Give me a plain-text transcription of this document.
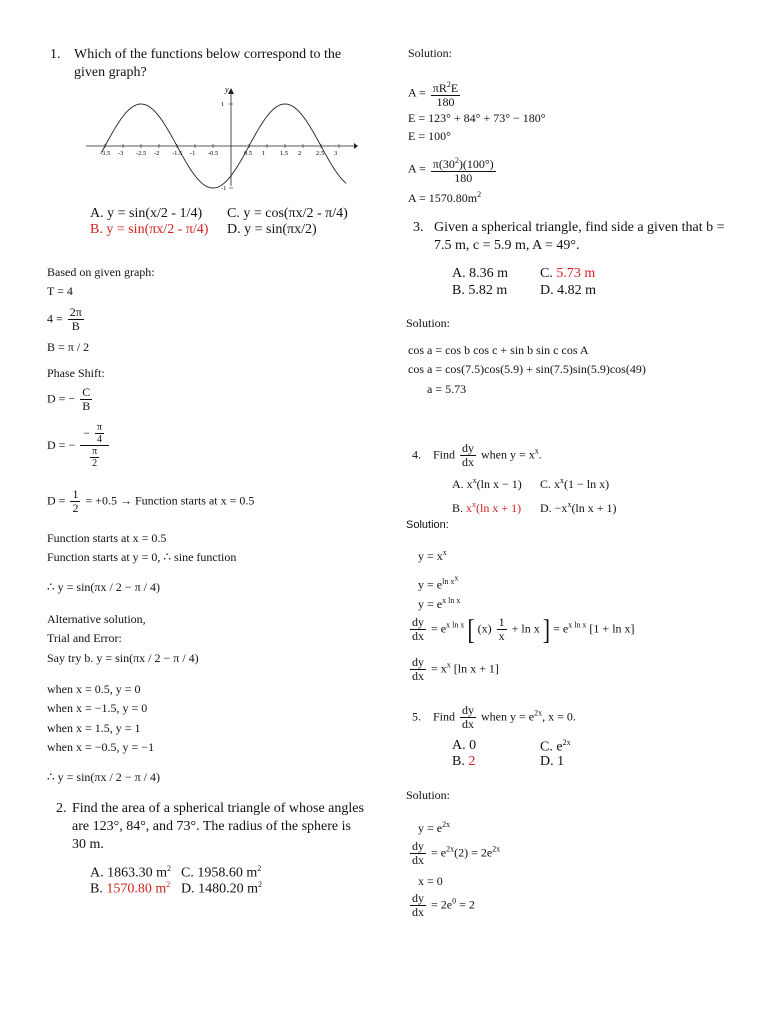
1. Which of the functions below correspond to the given graph?
y
-3.5 -3 -2.5 -2 -1.5 -1 -0.5	0.5 1 1.5 2 2.5 3
1
-1
A. y = sin(x/2 - 1/4) C. y = cos(πx/2 - π/4)
B. y = sin(πx/2 - π/4) D. y = sin(πx/2)
Based on given graph:
T = 4
$4 = \frac{2\pi}{B}$
B = π / 2
Phase Shift:
D = − $\frac{C}{B}$
D = − $\frac{- \frac{\pi}{4}}{\frac{\pi}{2}}$
$D = \frac{1}{2} = +0.5$ → Function starts at x = 0.5
Function starts at x = 0.5
Function starts at y = 0, ∴ sine function
∴ y = sin(πx / 2 − π / 4)
Alternative solution,
Trial and Error:
Say try b. y = sin(πx / 2 − π / 4)
when x = 0.5, y = 0
when x = −1.5, y = 0
when x = 1.5, y = 1
when x = −0.5, y = −1
∴ y = sin(πx / 2 − π / 4)
2. Find the area of a spherical triangle of whose angles are 123°, 84°, and 73°. The radius of the sphere is 30 m.
A. 1863.30 $m^2$ C. 1958.60 $m^2$
B. 1570.80 $m^2$ D. 1480.20 $m^2$
Solution:
$A = \frac{\pi R^2E}{180}$
E = 123° + 84° + 73° − 180°
E = 100°
$A = \frac{\pi(30^2)(100^\circ)}{180}$
$A = 1570.80m^2$
3. Given a spherical triangle, find side a given that b = 7.5 m, c = 5.9 m, A = 49°.
A. 8.36 m C. 5.73 m
B. 5.82 m D. 4.82 m
Solution:
cos a = cos b cos c + sin b sin c cos A
cos a = cos(7.5)cos(5.9) + sin(7.5)sin(5.9)cos(49)
a = 5.73
4. Find $\frac{dy}{dx}$ when $y = x^x$.
A. $x^x(\ln$ x − 1) C. $x^x(1 - \ln x)$
B. $x^x(\ln$ x + 1) D. $-x^x(\ln$ x + 1)
Solution:
$y = x^x$
$y = e^{ln x^x}$
$y = e^{x ln x}$
$\frac{dy}{dx} = e^{x ln x}$ [ $(x) \frac{1}{x} + \ln x$ ] = $e^{x ln x}$ [1 + ln x]
$\frac{dy}{dx} = x^x$ [ln x + 1]
5. Find $\frac{dy}{dx}$ when $y = e^{2x}$, x = 0.
A. 0	C. $e^{2x}$
B. 2	D. 1
Solution:
$y = e^{2x}$
$\frac{dy}{dx} = e^{2x}(2) = 2e^{2x}$
x = 0
$\frac{dy}{dx} = 2e^0 = 2$
